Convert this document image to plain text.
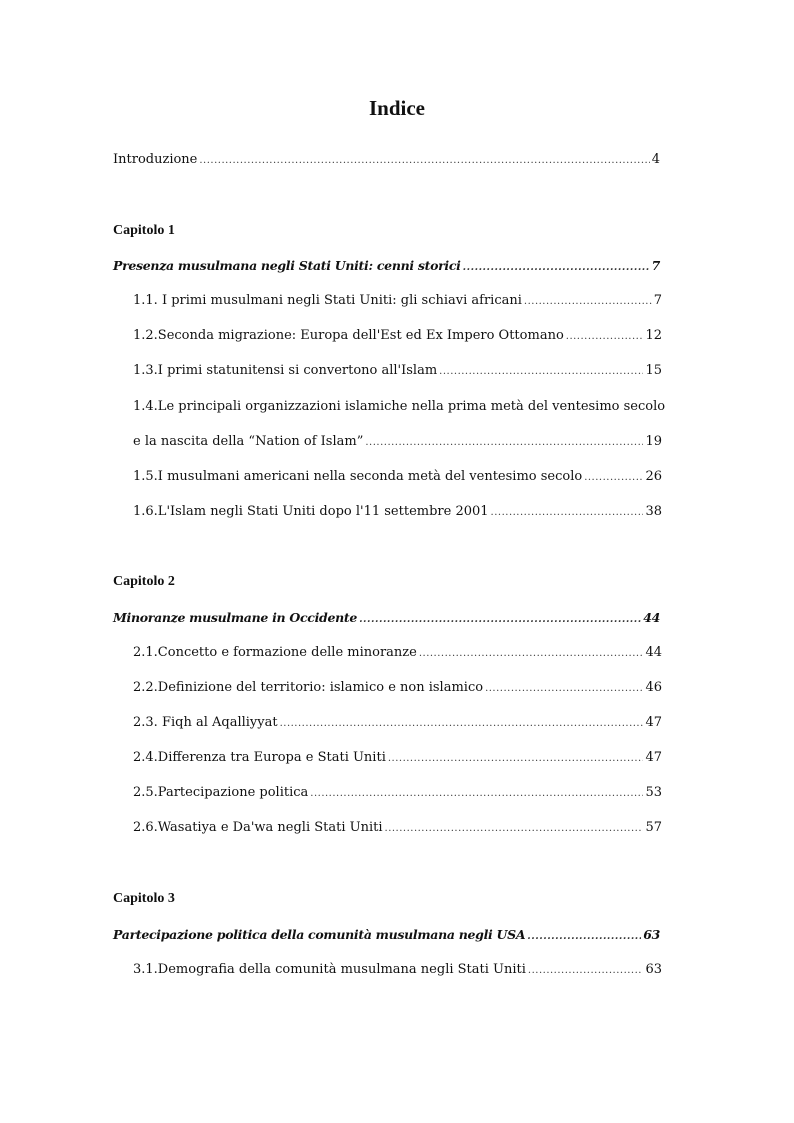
Indice
Introduzione .....	4
Capitolo 1
Presenza musulmana negli Stati Uniti: cenni storici .....	7
1.1. I primi musulmani negli Stati Uniti: gli schiavi africani .....	7
1.2.Seconda migrazione: Europa dell'Est ed Ex Impero Ottomano .....	12
1.3.I primi statunitensi si convertono all'Islam .....	15
1.4.Le principali organizzazioni islamiche nella prima metà del ventesimo secolo
e la nascita della “Nation of Islam” .....	19
1.5.I musulmani americani nella seconda metà del ventesimo secolo .....	26
1.6.L'Islam negli Stati Uniti dopo l'11 settembre 2001 .....	38
Capitolo 2
Minoranze musulmane in Occidente .....	44
2.1.Concetto e formazione delle minoranze .....	44
2.2.Definizione del territorio: islamico e non islamico .....	46
2.3. Fiqh al Aqalliyyat .....	47
2.4.Differenza tra Europa e Stati Uniti .....	47
2.5.Partecipazione politica .....	53
2.6.Wasatiya e Da'wa negli Stati Uniti .....	57
Capitolo 3
Partecipazione politica della comunità musulmana negli USA .....	63
3.1.Demografia della comunità musulmana negli Stati Uniti .....	63
